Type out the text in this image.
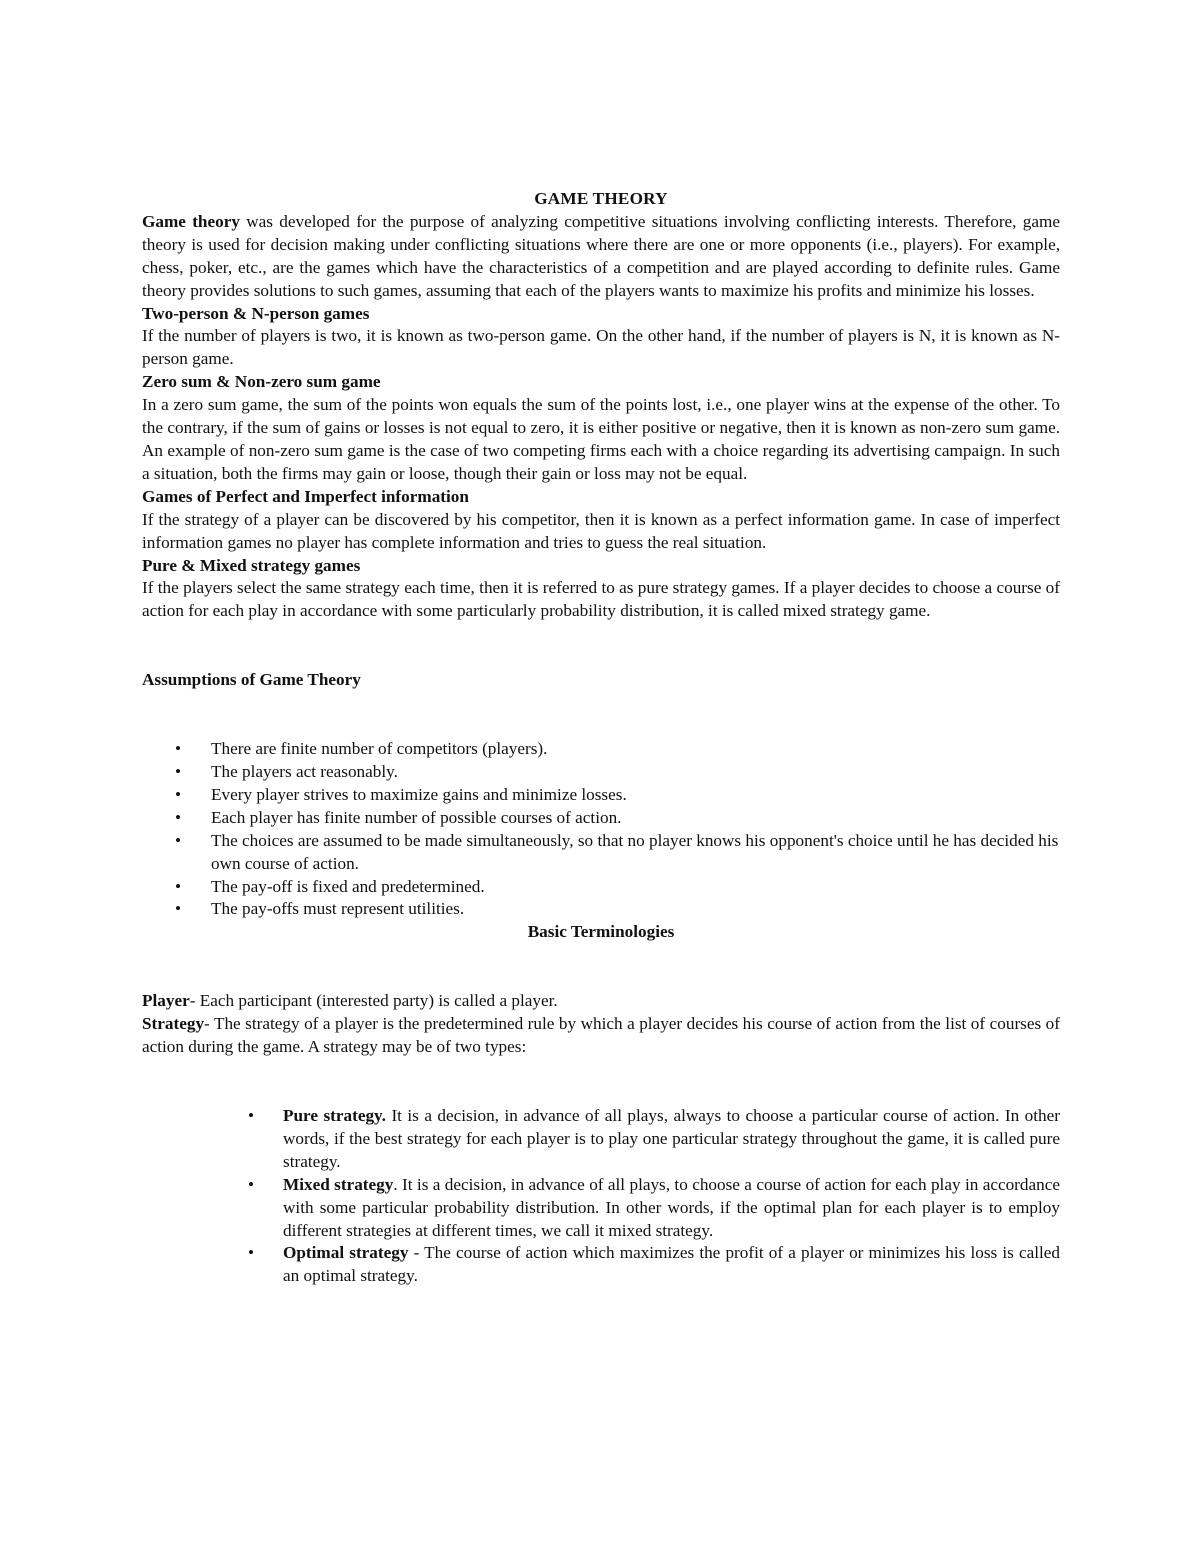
GAME THEORY

Game theory was developed for the purpose of analyzing competitive situations involving conflicting interests. Therefore, game theory is used for decision making under conflicting situations where there are one or more opponents (i.e., players). For example, chess, poker, etc., are the games which have the characteristics of a competition and are played according to definite rules. Game theory provides solutions to such games, assuming that each of the players wants to maximize his profits and minimize his losses.

Two-person & N-person games

If the number of players is two, it is known as two-person game. On the other hand, if the number of players is N, it is known as N-person game.

Zero sum & Non-zero sum game

In a zero sum game, the sum of the points won equals the sum of the points lost, i.e., one player wins at the expense of the other. To the contrary, if the sum of gains or losses is not equal to zero, it is either positive or negative, then it is known as non-zero sum game. An example of non-zero sum game is the case of two competing firms each with a choice regarding its advertising campaign. In such a situation, both the firms may gain or loose, though their gain or loss may not be equal.

Games of Perfect and Imperfect information

If the strategy of a player can be discovered by his competitor, then it is known as a perfect information game. In case of imperfect information games no player has complete information and tries to guess the real situation.

Pure & Mixed strategy games

If the players select the same strategy each time, then it is referred to as pure strategy games. If a player decides to choose a course of action for each play in accordance with some particularly probability distribution, it is called mixed strategy game.

Assumptions of Game Theory
• There are finite number of competitors (players).
• The players act reasonably.
• Every player strives to maximize gains and minimize losses.
• Each player has finite number of possible courses of action.
• The choices are assumed to be made simultaneously, so that no player knows his opponent's choice until he has decided his own course of action.
• The pay-off is fixed and predetermined.
• The pay-offs must represent utilities.
Basic Terminologies

Player- Each participant (interested party) is called a player.

Strategy- The strategy of a player is the predetermined rule by which a player decides his course of action from the list of courses of action during the game. A strategy may be of two types:

• Pure strategy. It is a decision, in advance of all plays, always to choose a particular course of action. In other words, if the best strategy for each player is to play one particular strategy throughout the game, it is called pure strategy.
• Mixed strategy. It is a decision, in advance of all plays, to choose a course of action for each play in accordance with some particular probability distribution. In other words, if the optimal plan for each player is to employ different strategies at different times, we call it mixed strategy.
• Optimal strategy - The course of action which maximizes the profit of a player or minimizes his loss is called an optimal strategy.
